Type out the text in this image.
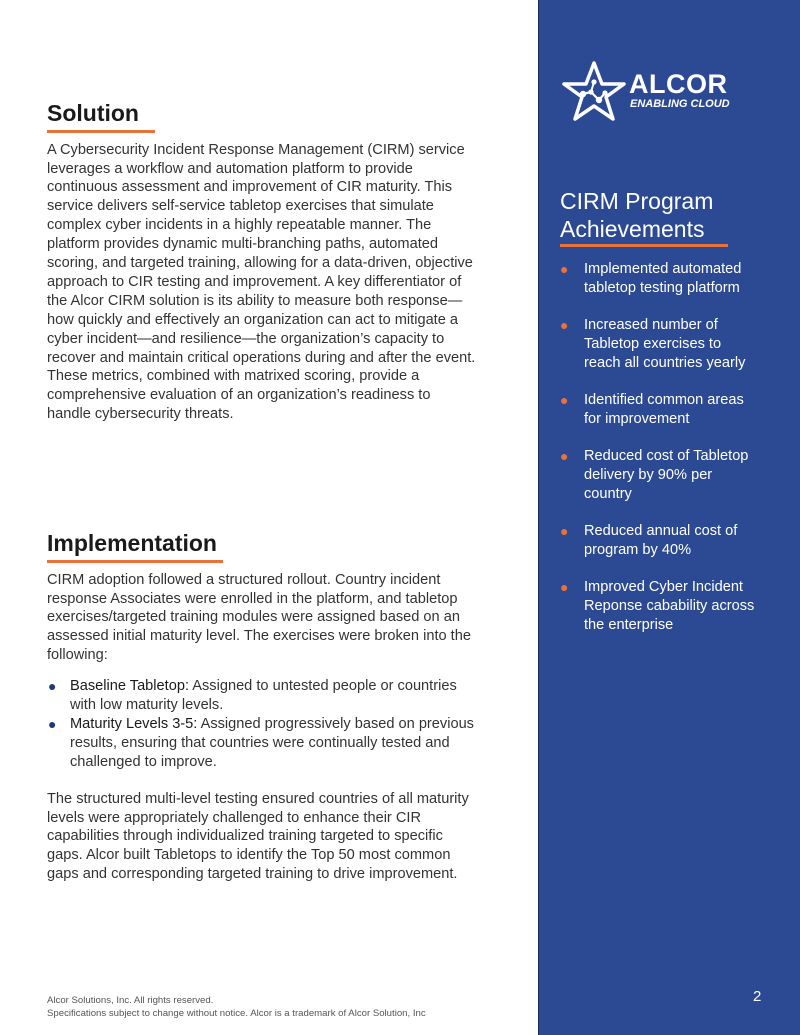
Solution

A Cybersecurity Incident Response Management (CIRM) service leverages a workflow and automation platform to provide continuous assessment and improvement of CIR maturity. This service delivers self-service tabletop exercises that simulate complex cyber incidents in a highly repeatable manner. The platform provides dynamic multi-branching paths, automated scoring, and targeted training, allowing for a data-driven, objective approach to CIR testing and improvement. A key differentiator of the Alcor CIRM solution is its ability to measure both response—how quickly and effectively an organization can act to mitigate a cyber incident—and resilience—the organization’s capacity to recover and maintain critical operations during and after the event. These metrics, combined with matrixed scoring, provide a comprehensive evaluation of an organization’s readiness to handle cybersecurity threats.

Implementation

CIRM adoption followed a structured rollout. Country incident response Associates were enrolled in the platform, and tabletop exercises/targeted training modules were assigned based on an assessed initial maturity level. The exercises were broken into the following:

● Baseline Tabletop: Assigned to untested people or countries with low maturity levels.
● Maturity Levels 3-5: Assigned progressively based on previous results, ensuring that countries were continually tested and challenged to improve.

The structured multi-level testing ensured countries of all maturity levels were appropriately challenged to enhance their CIR capabilities through individualized training targeted to specific gaps. Alcor built Tabletops to identify the Top 50 most common gaps and corresponding targeted training to drive improvement.

Alcor Solutions, Inc. All rights reserved.
Specifications subject to change without notice. Alcor is a trademark of Alcor Solution, Inc
ALCOR
ENABLING CLOUD
CIRM Program Achievements
● Implemented automated tabletop testing platform
● Increased number of Tabletop exercises to reach all countries yearly
● Identified common areas for improvement
● Reduced cost of Tabletop delivery by 90% per country
● Reduced annual cost of program by 40%
● Improved Cyber Incident Reponse cabability across the enterprise
2
